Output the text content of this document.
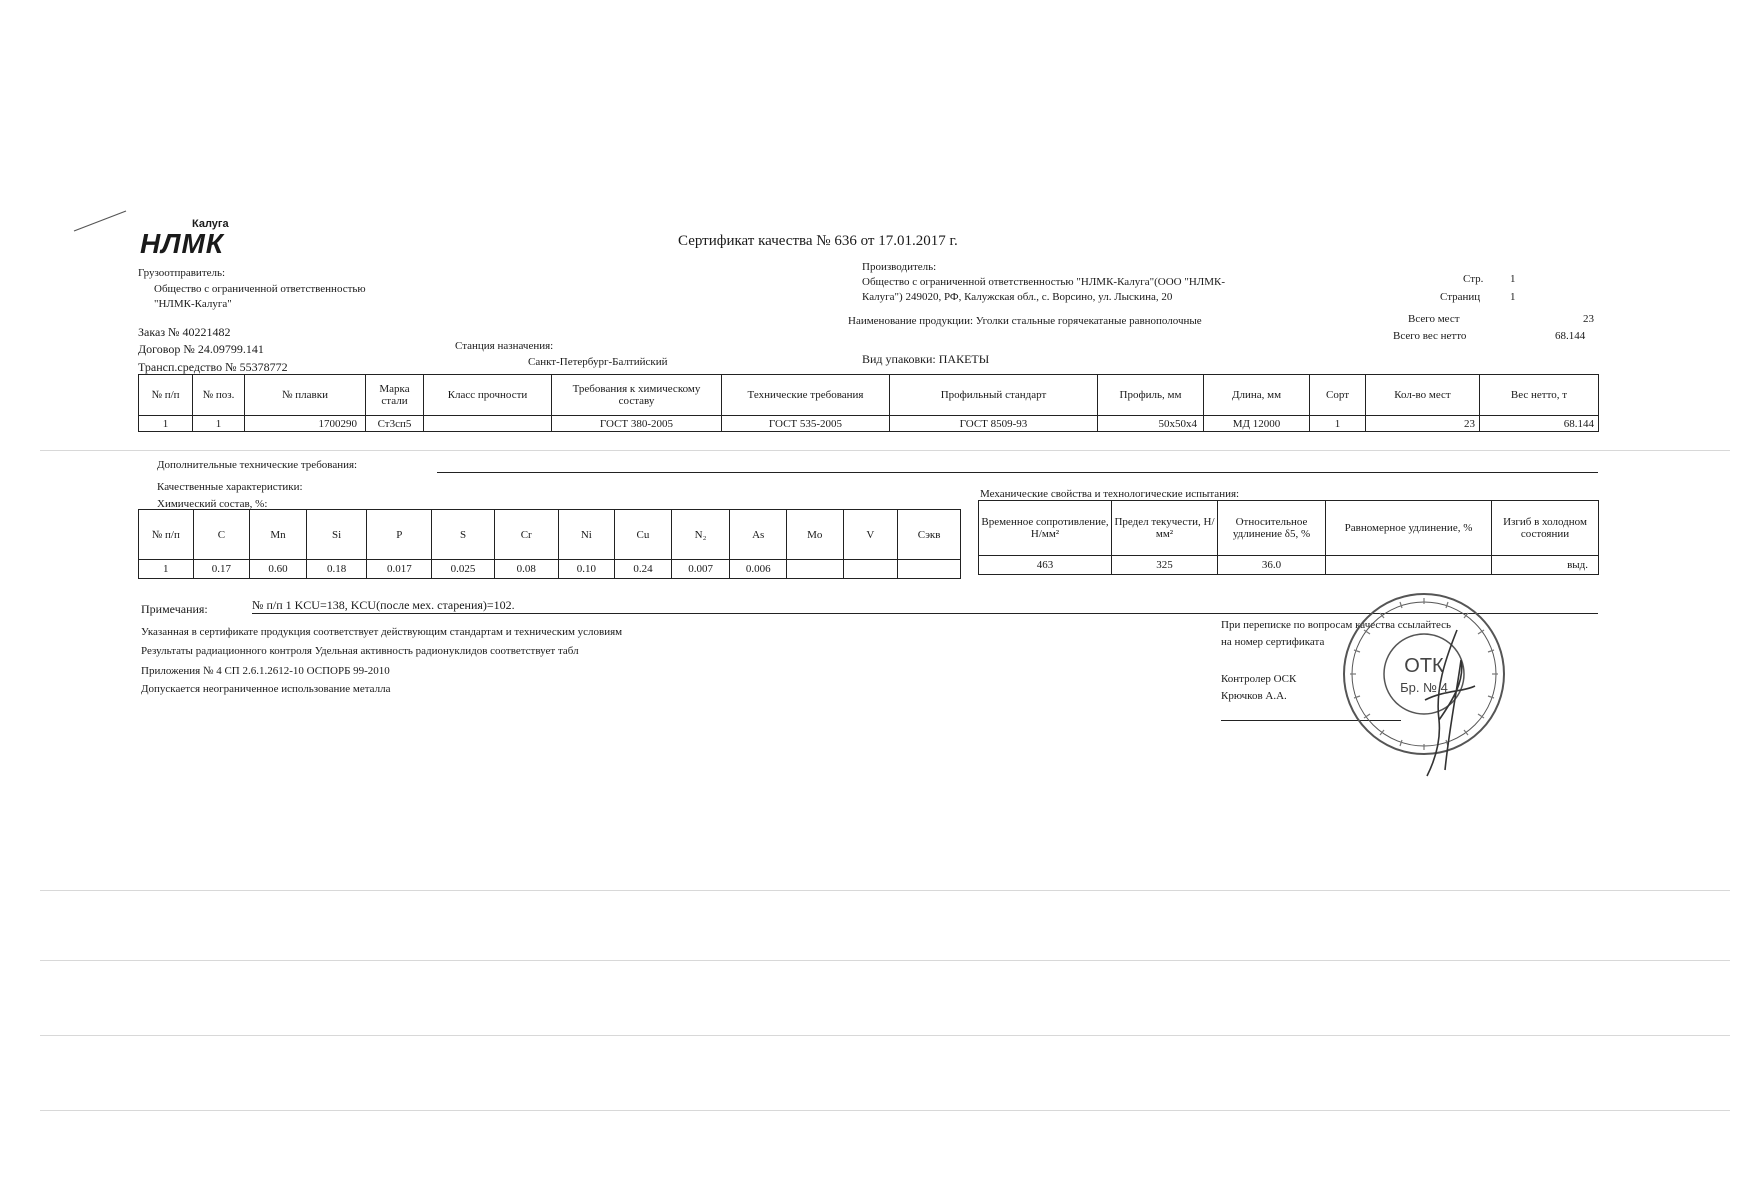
Калуга
НЛМК	Сертификат качества № 636 от 17.01.2017 г.
Грузоотправитель:
Общество с ограниченной ответственностью
"НЛМК-Калуга"
Заказ № 40221482
Договор № 24.09799.141
Трансп.средство № 55378772
Станция назначения:
Санкт-Петербург-Балтийский
Производитель:
Общество с ограниченной ответственностью "НЛМК-Калуга"(ООО "НЛМК-
Калуга") 249020, РФ, Калужская обл., с. Ворсино, ул. Лыскина, 20
Наименование продукции: Уголки стальные горячекатаные равнополочные
Вид упаковки: ПАКЕТЫ
Стр. 1
Страниц	1
Всего мест	23
Всего вес нетто	68.144
№ п/п	№ поз.	№ плавки	Марка стали	Класс прочности	Требования к химическому составу	Технические требования	Профильный стандарт	Профиль, мм	Длина, мм	Сорт	Кол-во мест	Вес нетто, т
1	1	1700290	Ст3сп5		ГОСТ 380-2005	ГОСТ 535-2005	ГОСТ 8509-93	50х50х4	МД 12000	1	23	68.144
Дополнительные технические требования:
Качественные характеристики:
Химический состав, %:
Механические свойства и технологические испытания:
№ п/п	C	Mn	Si	P	S	Cr	Ni	Cu	N₂	As	Mo	V	Сэкв
1	0.17	0.60	0.18	0.017	0.025	0.08	0.10	0.24	0.007	0.006			
Временное сопротивление, Н/мм²	Предел текучести, Н/мм²	Относительное удлинение δ5, %	Равномерное удлинение, %	Изгиб в холодном состоянии
463	325	36.0		выд.
Примечания:	№ п/п 1 KCU=138, KCU(после мех. старения)=102.
Указанная в сертификате продукция соответствует действующим стандартам и техническим условиям
Результаты радиационного контроля Удельная активность радионуклидов соответствует табл
Приложения № 4 СП 2.6.1.2612-10 ОСПОРБ 99-2010
Допускается неограниченное использование металла
При переписке по вопросам качества ссылайтесь
на номер сертификата
Контролер ОСК
Крючков А.А.
ОТК
Бр. № 4
